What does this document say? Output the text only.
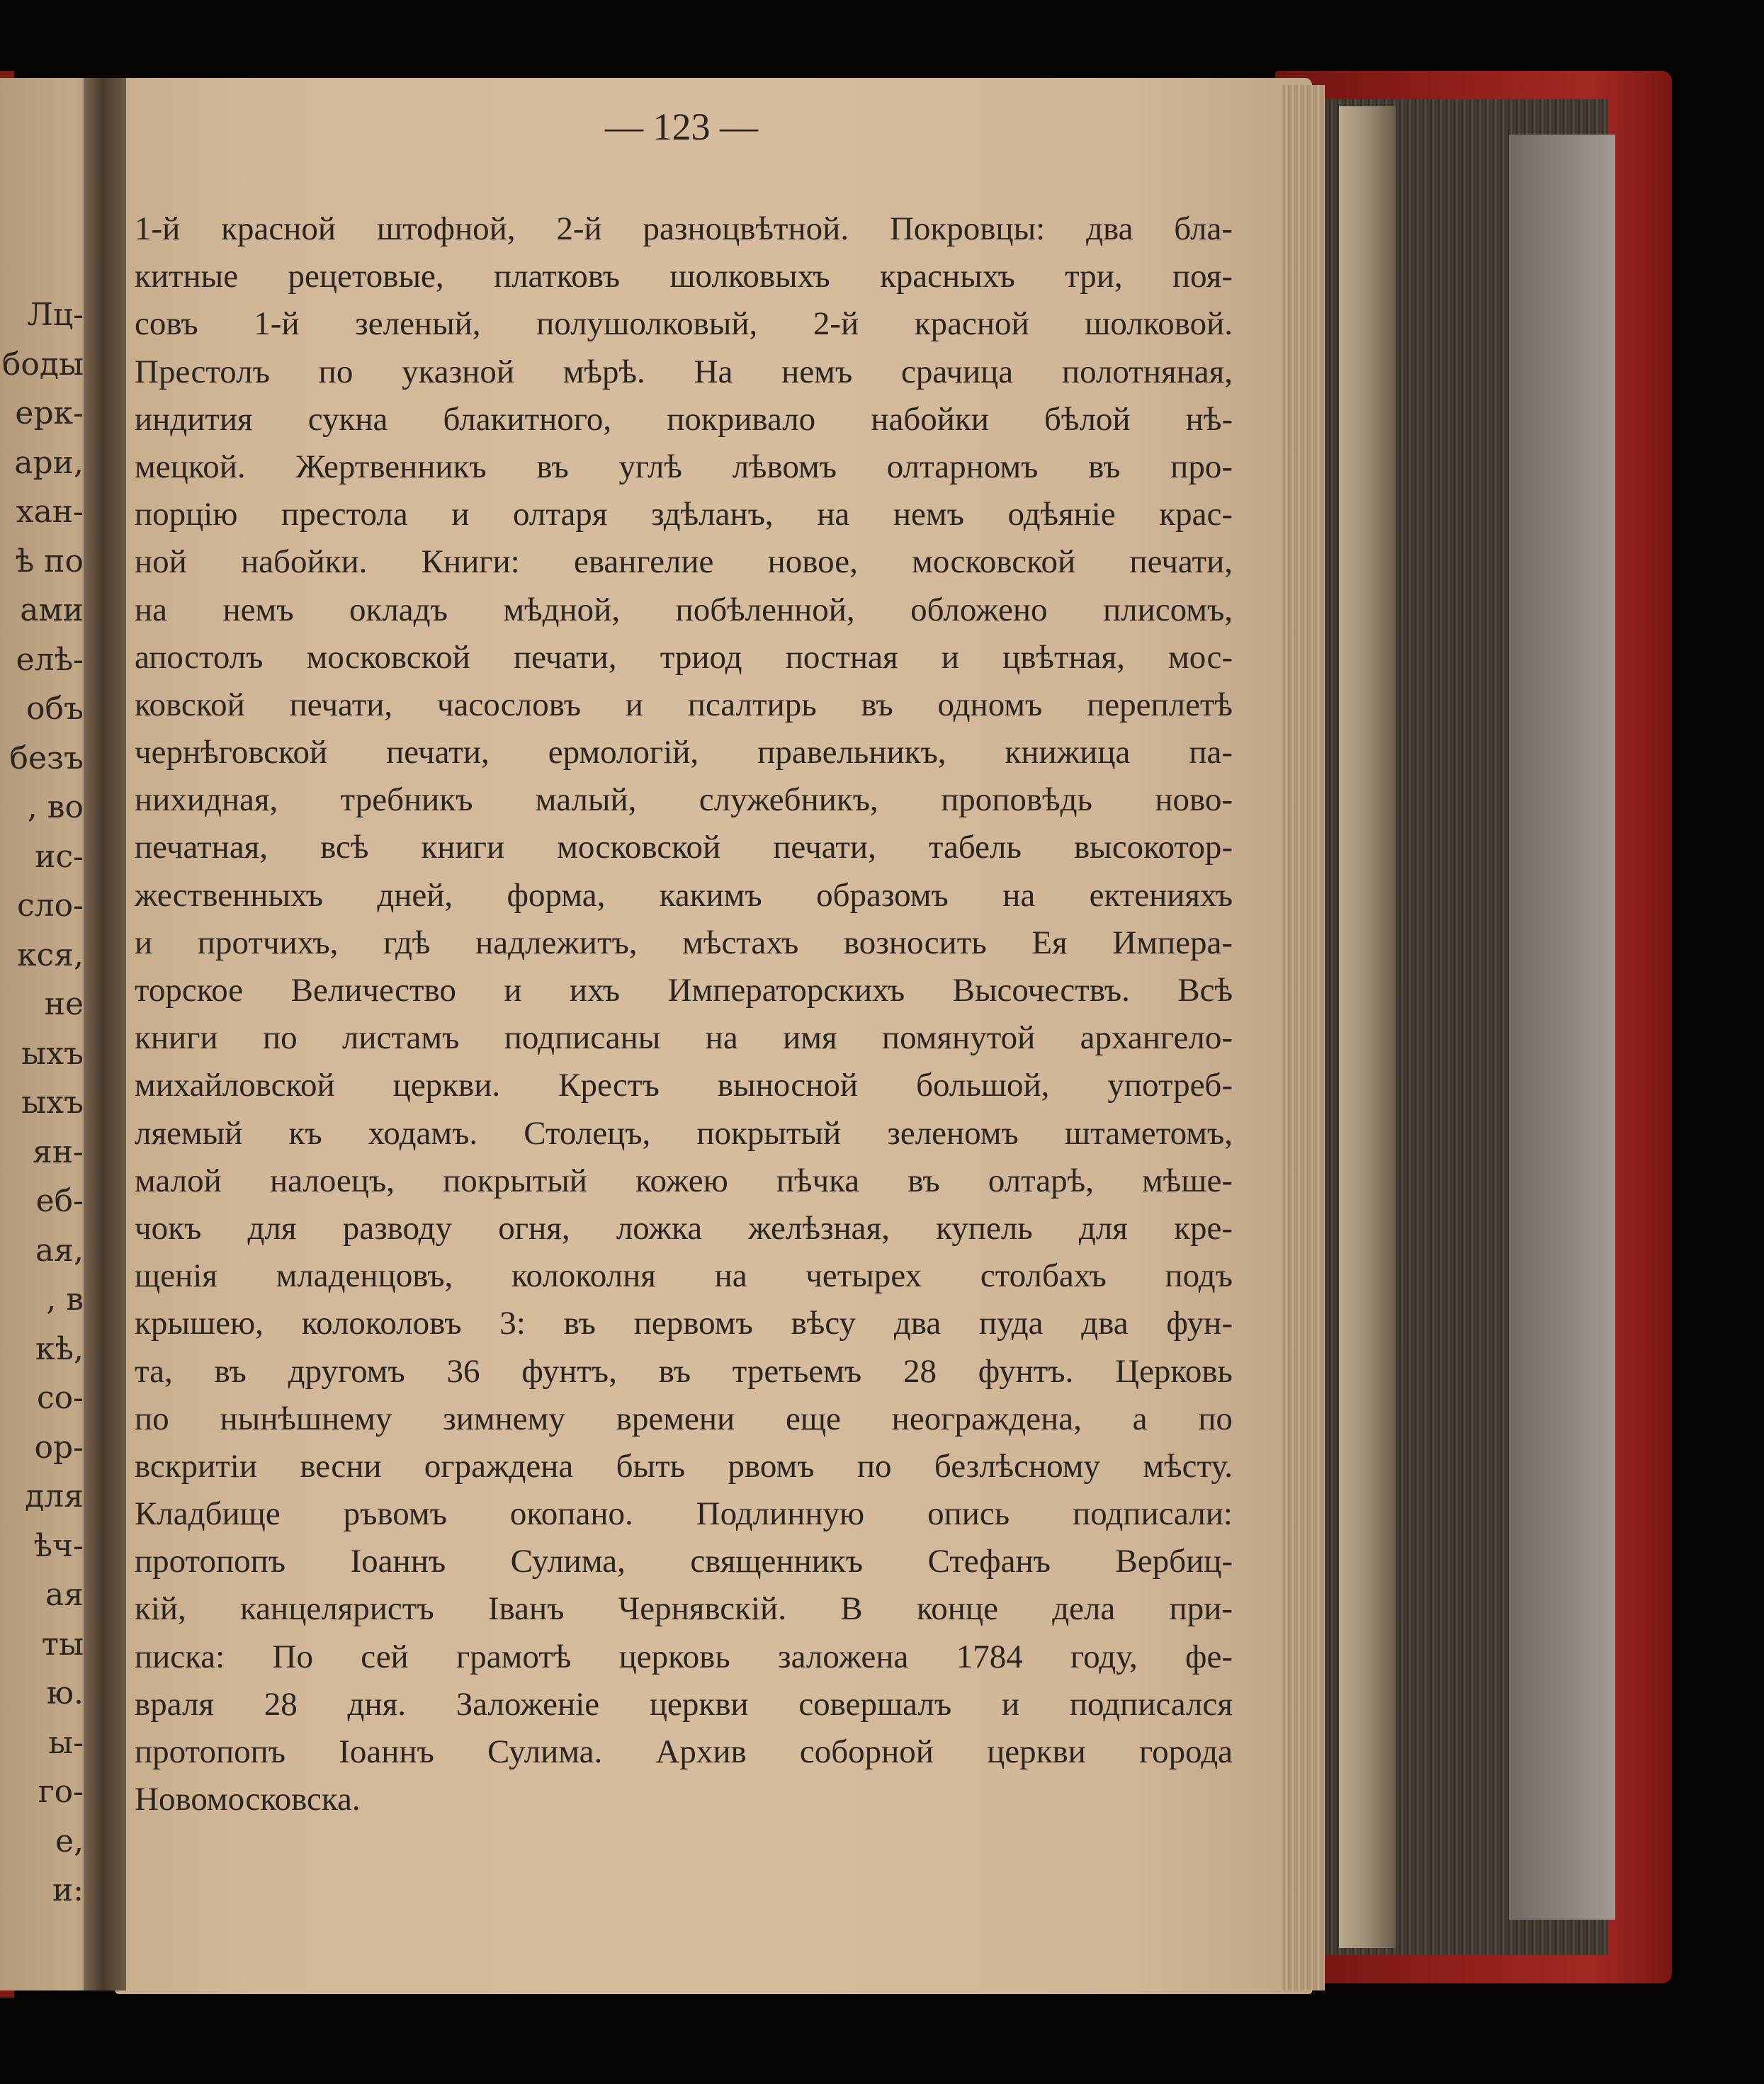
Лц-
боды
ерк-
ари,
хан-
ѣ по
ами
елѣ-
объ
безъ
, во
ис-
сло-
кся,
не
ыхъ
ыхъ
ян-
еб-
ая,
, в
кѣ,
со-
ор-
для
ѣч-
ая
ты
ю.
ы-
го-
е,
и:
— 123 —
1-й красной штофной, 2-й разноцвѣтной. Покровцы: два бла-
китные рецетовые, платковъ шолковыхъ красныхъ три, поя-
совъ 1-й зеленый, полушолковый, 2-й красной шолковой.
Престолъ по указной мѣрѣ. На немъ срачица полотняная,
индития сукна блакитного, покривало набойки бѣлой нѣ-
мецкой. Жертвенникъ въ углѣ лѣвомъ олтарномъ въ про-
порцію престола и олтаря здѣланъ, на немъ одѣяніе крас-
ной набойки. Книги: евангелие новое, московской печати,
на немъ окладъ мѣдной, побѣленной, обложено плисомъ,
апостолъ московской печати, триод постная и цвѣтная, мос-
ковской печати, часословъ и псалтирь въ одномъ переплетѣ
чернѣговской печати, ермологій, правельникъ, книжица па-
нихидная, требникъ малый, служебникъ, проповѣдь ново-
печатная, всѣ книги московской печати, табель высокотор-
жественныхъ дней, форма, какимъ образомъ на ектенияхъ
и протчихъ, гдѣ надлежитъ, мѣстахъ возносить Ея Импера-
торское Величество и ихъ Императорскихъ Высочествъ. Всѣ
книги по листамъ подписаны на имя помянутой архангело-
михайловской церкви. Крестъ выносной большой, употреб-
ляемый къ ходамъ. Столецъ, покрытый зеленомъ штаметомъ,
малой налоецъ, покрытый кожею пѣчка въ олтарѣ, мѣше-
чокъ для разводу огня, ложка желѣзная, купель для кре-
щенія младенцовъ, колоколня на четырех столбахъ подъ
крышею, колоколовъ 3: въ первомъ вѣсу два пуда два фун-
та, въ другомъ 36 фунтъ, въ третьемъ 28 фунтъ. Церковь
по нынѣшнему зимнему времени еще неограждена, а по
вскритіи весни ограждена быть рвомъ по безлѣсному мѣсту.
Кладбище ръвомъ окопано. Подлинную опись подписали:
протопопъ Іоаннъ Сулима, священникъ Стефанъ Вербиц-
кій, канцеляристъ Іванъ Чернявскій. В конце дела при-
писка: По сей грамотѣ церковь заложена 1784 году, фе-
враля 28 дня. Заложеніе церкви совершалъ и подписался
протопопъ Іоаннъ Сулима. Архив соборной церкви города
Новомосковска.
